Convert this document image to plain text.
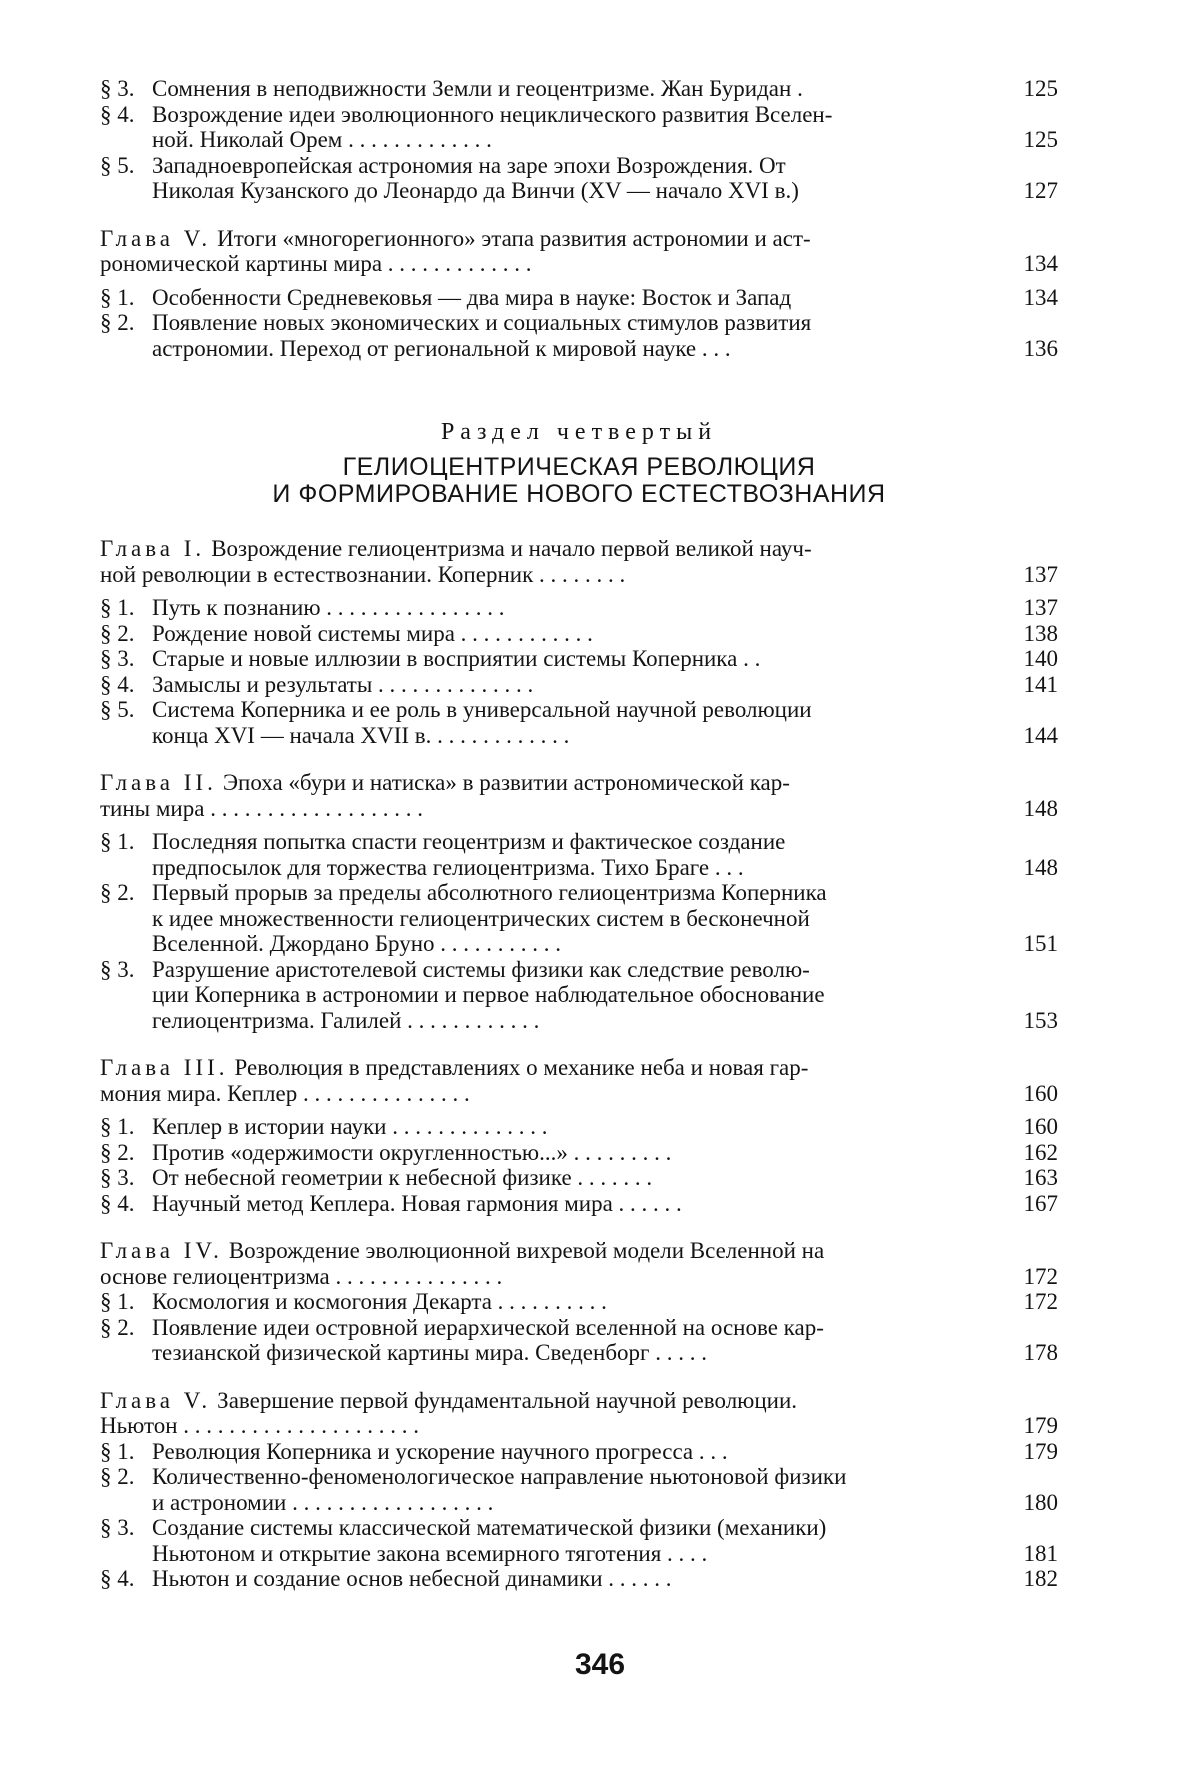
§ 3. Сомнения в неподвижности Земли и геоцентризме. Жан Буридан .	125
§ 4. Возрождение идеи эволюционного нециклического развития Вселен-
ной. Николай Орем . . . . . . . . . . . . .	125
§ 5. Западноевропейская астрономия на заре эпохи Возрождения. От
Николая Кузанского до Леонардо да Винчи (XV — начало XVI в.)	127
Глава V. Итоги «многорегионного» этапа развития астрономии и аст-
рономической картины мира . . . . . . . . . . . . .	134
§ 1. Особенности Средневековья — два мира в науке: Восток и Запад	134
§ 2. Появление новых экономических и социальных стимулов развития
астрономии. Переход от региональной к мировой науке . . .	136
Раздел четвертый
ГЕЛИОЦЕНТРИЧЕСКАЯ РЕВОЛЮЦИЯ
И ФОРМИРОВАНИЕ НОВОГО ЕСТЕСТВОЗНАНИЯ
Глава I. Возрождение гелиоцентризма и начало первой великой науч-
ной революции в естествознании. Коперник . . . . . . . .	137
§ 1. Путь к познанию . . . . . . . . . . . . . . . .	137
§ 2. Рождение новой системы мира . . . . . . . . . . . .	138
§ 3. Старые и новые иллюзии в восприятии системы Коперника . .	140
§ 4. Замыслы и результаты . . . . . . . . . . . . . .	141
§ 5. Система Коперника и ее роль в универсальной научной революции
конца XVI — начала XVII в. . . . . . . . . . . . .	144
Глава II. Эпоха «бури и натиска» в развитии астрономической кар-
тины мира . . . . . . . . . . . . . . . . . . .	148
§ 1. Последняя попытка спасти геоцентризм и фактическое создание
предпосылок для торжества гелиоцентризма. Тихо Браге . . .	148
§ 2. Первый прорыв за пределы абсолютного гелиоцентризма Коперника
к идее множественности гелиоцентрических систем в бесконечной
Вселенной. Джордано Бруно . . . . . . . . . . .	151
§ 3. Разрушение аристотелевой системы физики как следствие револю-
ции Коперника в астрономии и первое наблюдательное обоснование
гелиоцентризма. Галилей . . . . . . . . . . . .	153
Глава III. Революция в представлениях о механике неба и новая гар-
мония мира. Кеплер . . . . . . . . . . . . . . .	160
§ 1. Кеплер в истории науки . . . . . . . . . . . . . .	160
§ 2. Против «одержимости округленностью...» . . . . . . . . .	162
§ 3. От небесной геометрии к небесной физике . . . . . . .	163
§ 4. Научный метод Кеплера. Новая гармония мира . . . . . .	167
Глава IV. Возрождение эволюционной вихревой модели Вселенной на
основе гелиоцентризма . . . . . . . . . . . . . . .	172
§ 1. Космология и космогония Декарта . . . . . . . . . .	172
§ 2. Появление идеи островной иерархической вселенной на основе кар-
тезианской физической картины мира. Сведенборг . . . . .	178
Глава V. Завершение первой фундаментальной научной революции.
Ньютон . . . . . . . . . . . . . . . . . . . . .	179
§ 1. Революция Коперника и ускорение научного прогресса . . .	179
§ 2. Количественно-феноменологическое направление ньютоновой физики
и астрономии . . . . . . . . . . . . . . . . . .	180
§ 3. Создание системы классической математической физики (механики)
Ньютоном и открытие закона всемирного тяготения . . . .	181
§ 4. Ньютон и создание основ небесной динамики . . . . . .	182
346
